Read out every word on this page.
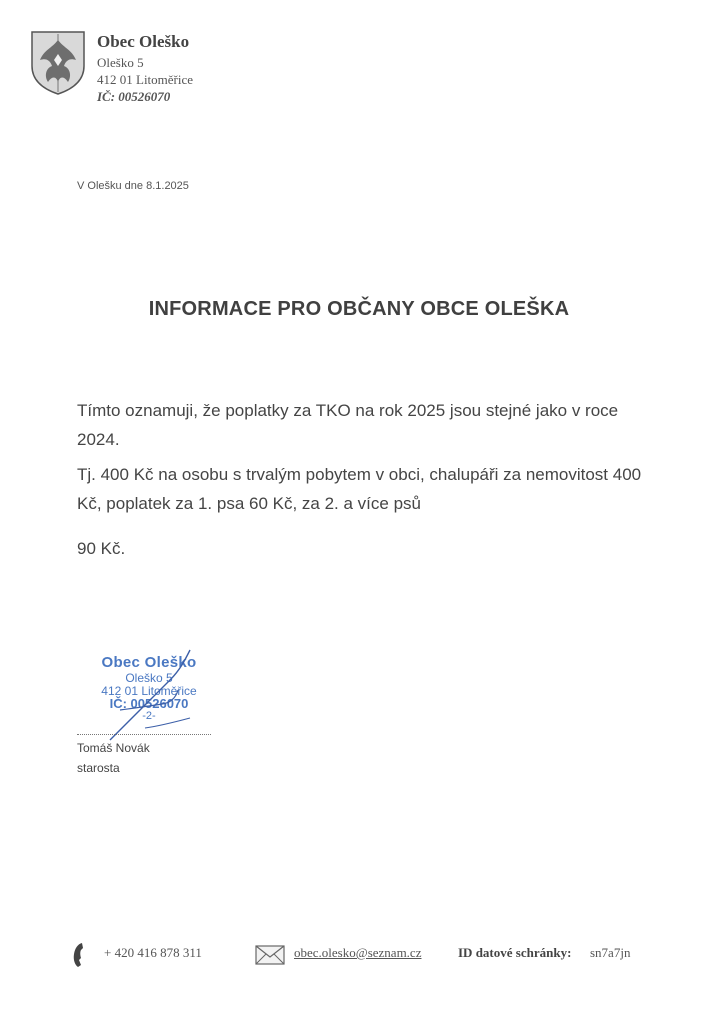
Obec Oleško
Oleško 5
412 01 Litoměřice
IČ: 00526070
V Olešku dne 8.1.2025
INFORMACE PRO OBČANY OBCE OLEŠKA
Tímto oznamuji, že poplatky za TKO na rok 2025 jsou stejné jako v roce 2024.
Tj. 400 Kč na osobu s trvalým pobytem v obci, chalupáři za nemovitost 400 Kč, poplatek za 1. psa 60 Kč, za 2. a více psů
90 Kč.
Obec Oleško
Oleško 5
412 01 Litoměřice
IČ: 00526070
-2-
Tomáš Novák
starosta
+ 420 416 878 311	obec.olesko@seznam.cz	ID datové schránky: sn7a7jn
